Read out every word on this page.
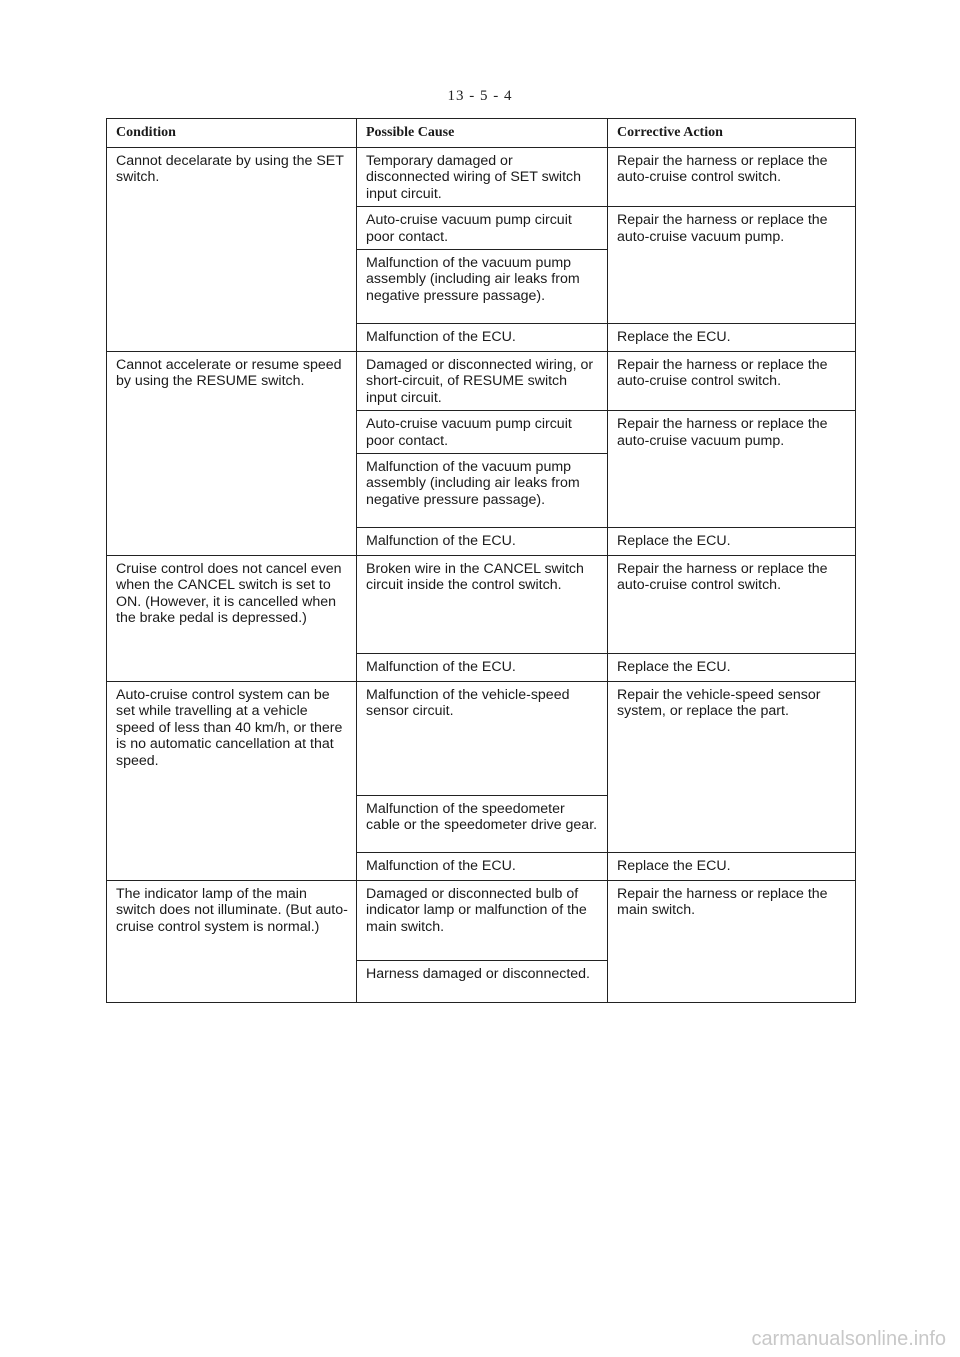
13 - 5 - 4
Condition	Possible Cause	Corrective Action
Cannot decelarate by using the SET switch.	Temporary damaged or disconnected wiring of SET switch input circuit.	Repair the harness or replace the auto-cruise control switch.
	Auto-cruise vacuum pump circuit poor contact.	Repair the harness or replace the auto-cruise vacuum pump.
	Malfunction of the vacuum pump assembly (including air leaks from negative pressure passage).	
	Malfunction of the ECU.	Replace the ECU.
Cannot accelerate or resume speed by using the RESUME switch.	Damaged or disconnected wiring, or short-circuit, of RESUME switch input circuit.	Repair the harness or replace the auto-cruise control switch.
	Auto-cruise vacuum pump circuit poor contact.	Repair the harness or replace the auto-cruise vacuum pump.
	Malfunction of the vacuum pump assembly (including air leaks from negative pressure passage).	
	Malfunction of the ECU.	Replace the ECU.
Cruise control does not cancel even when the CANCEL switch is set to ON. (However, it is cancelled when the brake pedal is depressed.)	Broken wire in the CANCEL switch circuit inside the control switch.	Repair the harness or replace the auto-cruise control switch.
	Malfunction of the ECU.	Replace the ECU.
Auto-cruise control system can be set while travelling at a vehicle speed of less than 40 km/h, or there is no automatic cancellation at that speed.	Malfunction of the vehicle-speed sensor circuit.	Repair the vehicle-speed sensor system, or replace the part.
	Malfunction of the speedometer cable or the speedometer drive gear.	
	Malfunction of the ECU.	Replace the ECU.
The indicator lamp of the main switch does not illuminate. (But auto-cruise control system is normal.)	Damaged or disconnected bulb of indicator lamp or malfunction of the main switch.	Repair the harness or replace the main switch.
	Harness damaged or disconnected.	
carmanualsonline.info
